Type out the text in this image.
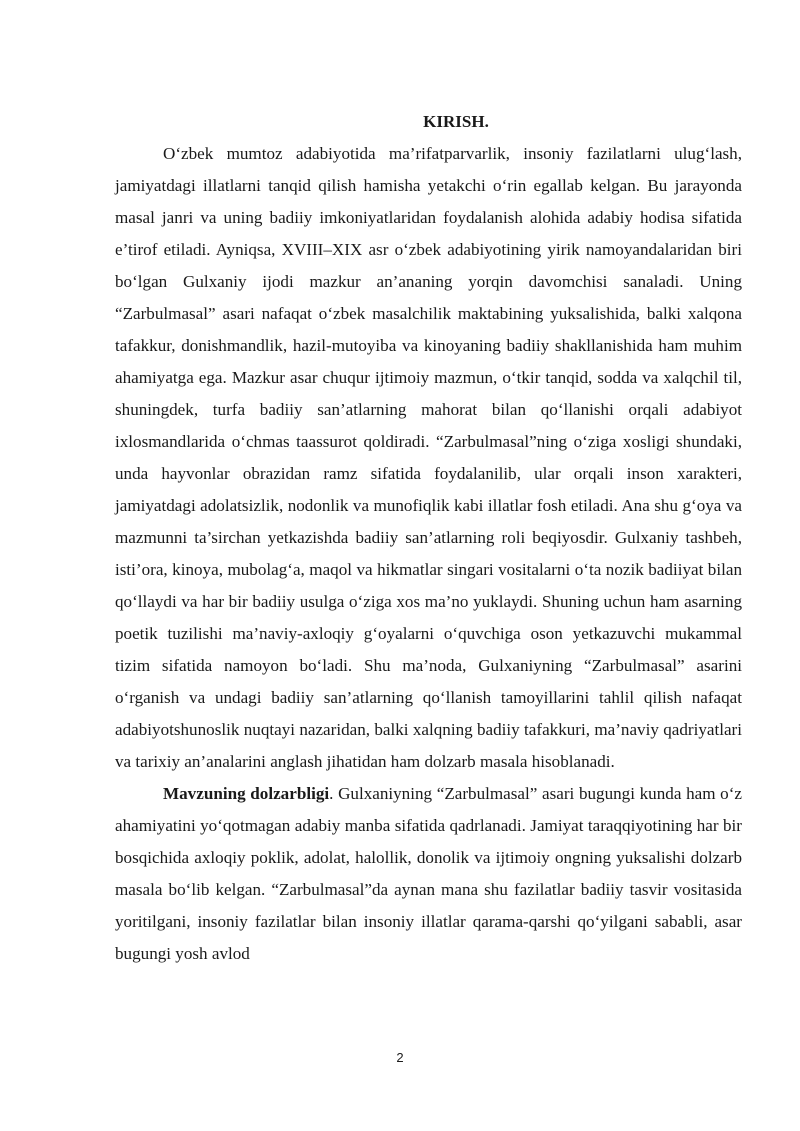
KIRISH.

O‘zbek mumtoz adabiyotida ma’rifatparvarlik, insoniy fazilatlarni ulug‘lash, jamiyatdagi illatlarni tanqid qilish hamisha yetakchi o‘rin egallab kelgan. Bu jarayonda masal janri va uning badiiy imkoniyatlaridan foydalanish alohida adabiy hodisa sifatida e’tirof etiladi. Ayniqsa, XVIII–XIX asr o‘zbek adabiyotining yirik namoyandalaridan biri bo‘lgan Gulxaniy ijodi mazkur an’ananing yorqin davomchisi sanaladi. Uning “Zarbulmasal” asari nafaqat o‘zbek masalchilik maktabining yuksalishida, balki xalqona tafakkur, donishmandlik, hazil-mutoyiba va kinoyaning badiiy shakllanishida ham muhim ahamiyatga ega. Mazkur asar chuqur ijtimoiy mazmun, o‘tkir tanqid, sodda va xalqchil til, shuningdek, turfa badiiy san’atlarning mahorat bilan qo‘llanishi orqali adabiyot ixlosmandlarida o‘chmas taassurot qoldiradi. “Zarbulmasal”ning o‘ziga xosligi shundaki, unda hayvonlar obrazidan ramz sifatida foydalanilib, ular orqali inson xarakteri, jamiyatdagi adolatsizlik, nodonlik va munofiqlik kabi illatlar fosh etiladi. Ana shu g‘oya va mazmunni ta’sirchan yetkazishda badiiy san’atlarning roli beqiyosdir. Gulxaniy tashbeh, isti’ora, kinoya, mubolag‘a, maqol va hikmatlar singari vositalarni o‘ta nozik badiiyat bilan qo‘llaydi va har bir badiiy usulga o‘ziga xos ma’no yuklaydi. Shuning uchun ham asarning poetik tuzilishi ma’naviy-axloqiy g‘oyalarni o‘quvchiga oson yetkazuvchi mukammal tizim sifatida namoyon bo‘ladi. Shu ma’noda, Gulxaniyning “Zarbulmasal” asarini o‘rganish va undagi badiiy san’atlarning qo‘llanish tamoyillarini tahlil qilish nafaqat adabiyotshunoslik nuqtayi nazaridan, balki xalqning badiiy tafakkuri, ma’naviy qadriyatlari va tarixiy an’analarini anglash jihatidan ham dolzarb masala hisoblanadi.

Mavzuning dolzarbligi. Gulxaniyning “Zarbulmasal” asari bugungi kunda ham o‘z ahamiyatini yo‘qotmagan adabiy manba sifatida qadrlanadi. Jamiyat taraqqiyotining har bir bosqichida axloqiy poklik, adolat, halollik, donolik va ijtimoiy ongning yuksalishi dolzarb masala bo‘lib kelgan. “Zarbulmasal”da aynan mana shu fazilatlar badiiy tasvir vositasida yoritilgani, insoniy fazilatlar bilan insoniy illatlar qarama-qarshi qo‘yilgani sababli, asar bugungi yosh avlod

2
